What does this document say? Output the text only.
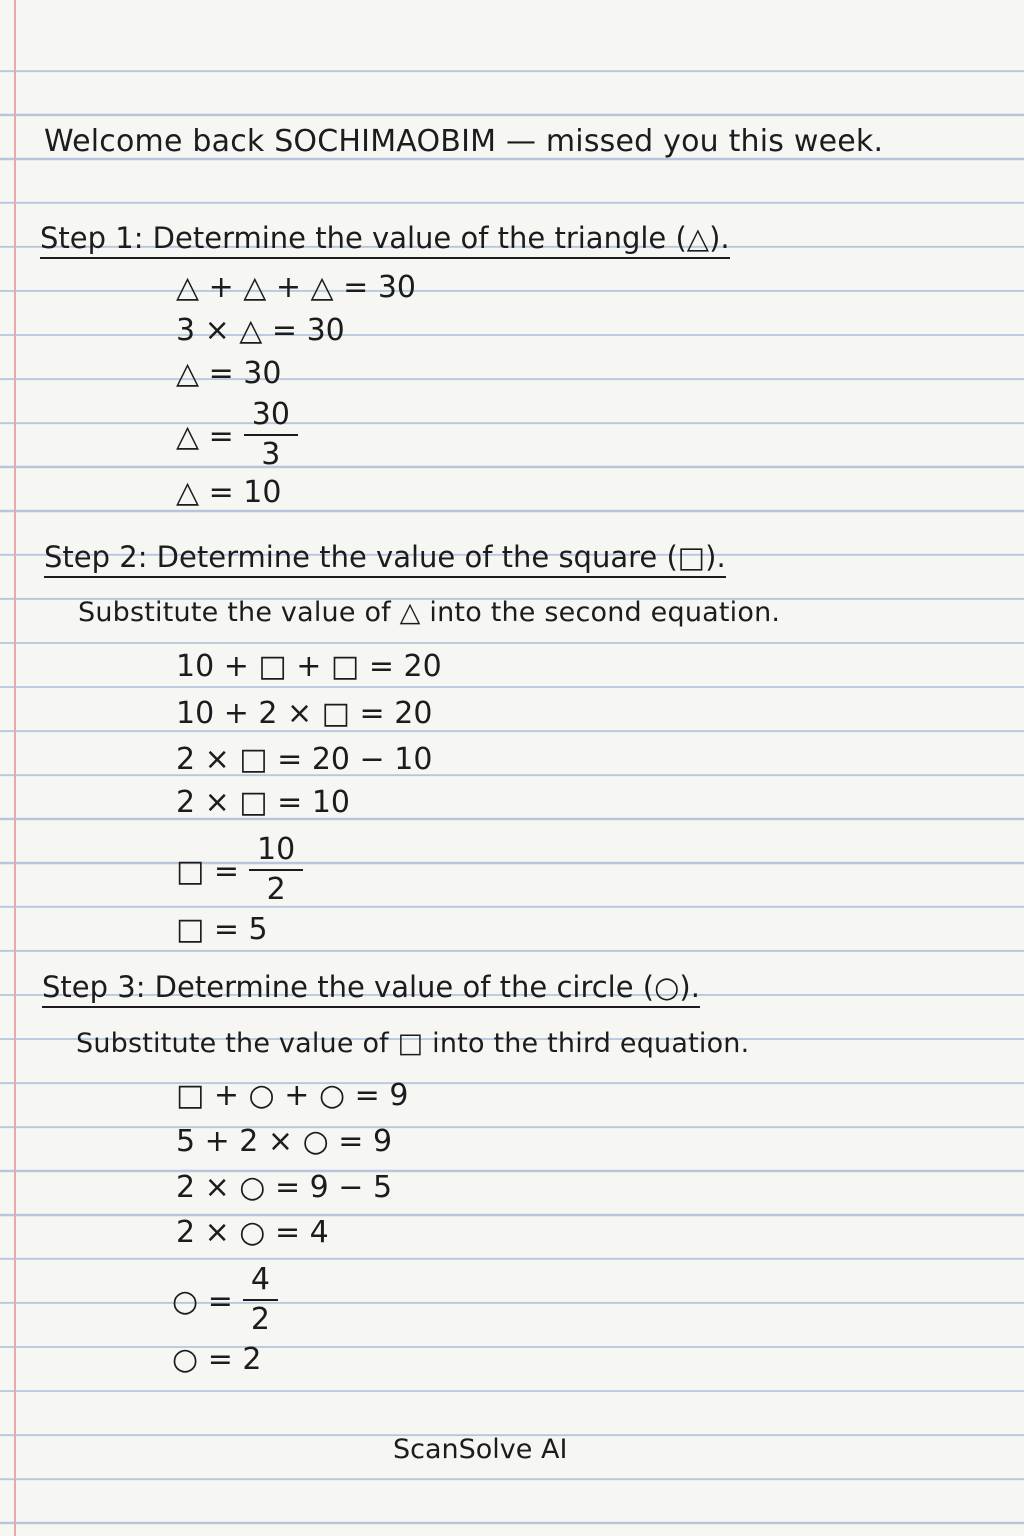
Welcome back SOCHIMAOBIM — missed you this week.
Step 1: Determine the value of the triangle (△).
△ + △ + △ = 30
3 × △ = 30
△ = 30
△ = $\frac{30}{3}$
△ = 10
Step 2: Determine the value of the square (□).
Substitute the value of △ into the second equation.
10 + □ + □ = 20
10 + 2 × □ = 20
2 × □ = 20 − 10
2 × □ = 10
□ = $\frac{10}{2}$
□ = 5
Step 3: Determine the value of the circle (○).
Substitute the value of □ into the third equation.
□ + ○ + ○ = 9
5 + 2 × ○ = 9
2 × ○ = 9 − 5
2 × ○ = 4
○ = $\frac{4}{2}$
○ = 2
ScanSolve AI
